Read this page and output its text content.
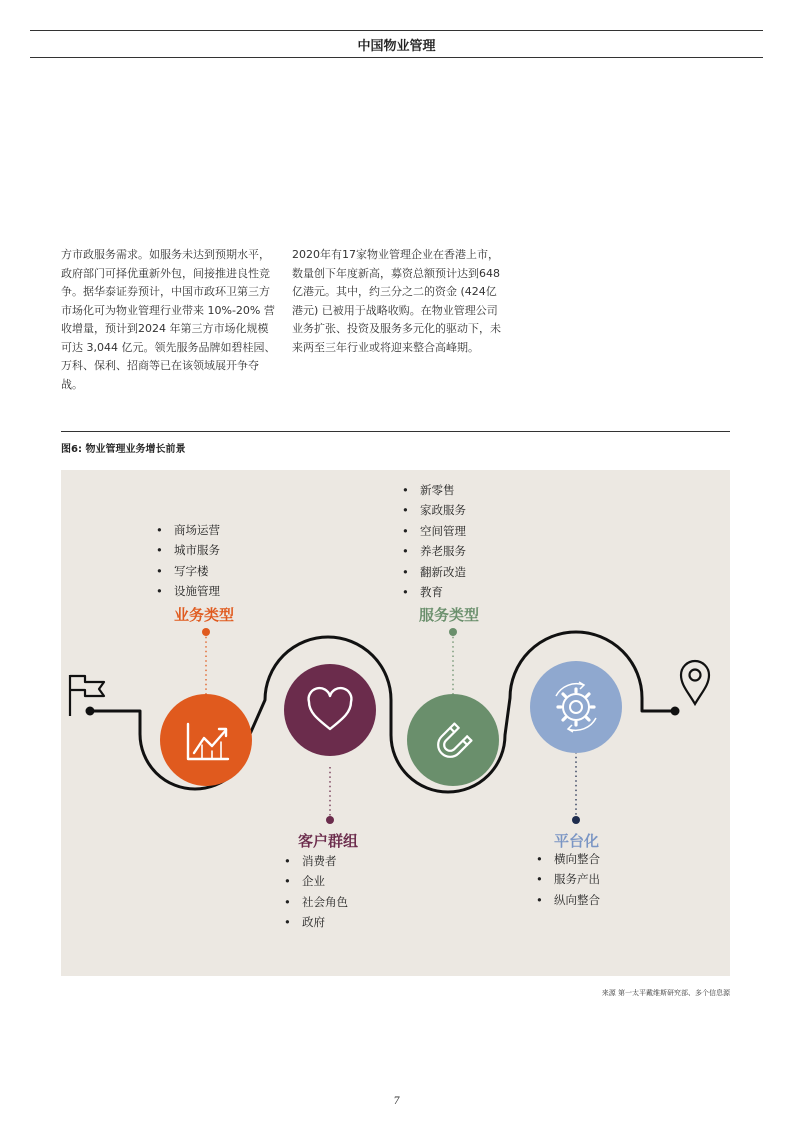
中国物业管理
方市政服务需求。如服务未达到预期水平，政府部门可择优重新外包，间接推进良性竞争。据华泰证券预计，中国市政环卫第三方市场化可为物业管理行业带来 10%-20% 营收增量，预计到2024 年第三方市场化规模可达 3,044 亿元。领先服务品牌如碧桂园、万科、保利、招商等已在该领域展开争夺战。
2020年有17家物业管理企业在香港上市，数量创下年度新高，募资总额预计达到648亿港元。其中，约三分之二的资金 (424亿港元) 已被用于战略收购。在物业管理公司业务扩张、投资及服务多元化的驱动下，未来两至三年行业或将迎来整合高峰期。
图6: 物业管理业务增长前景
• 商场运营
• 城市服务
• 写字楼
• 设施管理
业务类型
• 新零售
• 家政服务
• 空间管理
• 养老服务
• 翻新改造
• 教育
服务类型
客户群组
• 消费者
• 企业
• 社会角色
• 政府
平台化
• 横向整合
• 服务产出
• 纵向整合
来源 第一太平戴维斯研究部、多个信息源
7
